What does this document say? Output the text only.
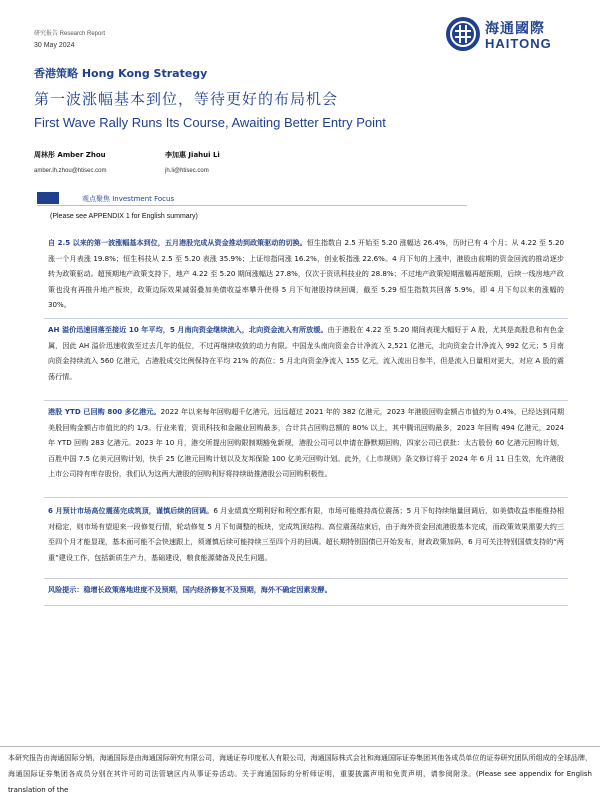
研究报告 Research Report
30 May 2024
海通國際
HAITONG
香港策略 Hong Kong Strategy
第一波涨幅基本到位，等待更好的布局机会
First Wave Rally Runs Its Course, Awaiting Better Entry Point
周林彤 Amber Zhou
amber.lh.zhou@htisec.com
李加惠 Jiahui Li
jh.li@htisec.com
观点聚焦 Investment Focus
(Please see APPENDIX 1 for English summary)
自 2.5 以来的第一波涨幅基本到位，五月港股完成从资金推动到政策驱动的切换。恒生指数自 2.5 开始至 5.20 涨幅达 26.4%，历时已有 4 个月；从 4.22 至 5.20 涨一个月表涨 19.8%；恒生科技从 2.5 至 5.20 表涨 35.9%；上证综指同涨 16.2%，创业板指涨 22.6%。4 月下旬的上涨中，港股由前期的资金回流的推动逐步转为政策驱动。超预期地产政策支持下，地产 4.22 至 5.20 期间涨幅达 27.8%，仅次于资讯科技业的 28.8%；不过地产政策短期涨幅再超预期，后续一线房地产政策也没有再推升地产板块，政策边际效果减弱叠加美债收益率攀升使得 5 月下旬港股持续回调，截至 5.29 恒生指数共回落 5.9%，即 4 月下旬以来的涨幅的 30%。
AH 溢价迅速回落至接近 10 年平均，5 月南向资金继续流入，北向资金流入有所放缓。由于港股在 4.22 至 5.20 期间表现大幅好于 A 股，尤其是高股息和有色金属，因此 AH 溢价迅速收敛至过去几年的低位，不过再继续收敛的动力有限。中国龙头南向资金合计净流入 2,521 亿港元，北向资金合计净流入 992 亿元；5 月南向资金持续流入 560 亿港元，占港股成交比例保持在平均 21% 的高位；5 月北向资金净流入 155 亿元，流入流出日参半，但是流入日量相对更大，对应 A 股的震荡行情。
港股 YTD 已回购 800 多亿港元。2022 年以来每年回购超千亿港元，远远超过 2021 年的 382 亿港元，2023 年港股回购金额占市值约为 0.4%，已经达到同期美股回购金额占市值比的约 1/3。行业来看，资讯科技和金融业回购最多，合计共占回购总额的 80% 以上，其中腾讯回购最多，2023 年回购 494 亿港元，2024 年 YTD 回购 283 亿港元。2023 年 10 月，港交所提出回购限制期豁免新规，港股公司可以申请在静默期回购，四家公司已获批：太古股份 60 亿港元回购计划，百胜中国 7.5 亿美元回购计划，快手 25 亿港元回购计划以及友邦保险 100 亿美元回购计划。此外，《上市规则》条文修订将于 2024 年 6 月 11 日生效，允许港股上市公司持有库存股份，我们认为这两大港股的回购利好将持续助推港股公司回购积极性。
6 月预计市场高位震荡完成筑顶，谨慎后续的回调。6 月业绩真空期利好和利空都有限，市场可能维持高位震荡；5 月下旬持续缩量回调后，如美债收益率能维持相对稳定，则市场有望迎来一段修复行情，轮动修复 5 月下旬调整的板块，完成筑顶结构。高位震荡结束后，由于海外资金回流港股基本完成，而政策效果需要大约三至四个月才能显现，基本面可能不会快速跟上，须谨慎后续可能持续三至四个月的回调。超长期特别国债已开始发布，财政政策加码，6 月可关注特别国债支持的“两重”建设工作，包括新质生产力，基础建设，粮食能源储备及民生问题。
风险提示：稳增长政策落地进度不及预期，国内经济修复不及预期，海外不确定因素发酵。
本研究报告由海通国际分销，海通国际是由海通国际研究有限公司，海通证券印度私人有限公司，海通国际株式会社和海通国际证券集团其他各成员单位的证券研究团队所组成的全球品牌，海通国际证券集团各成员分别在其许可的司法管辖区内从事证券活动。关于海通国际的分析师证明，重要披露声明和免责声明，请参阅附录。(Please see appendix for English translation of the
